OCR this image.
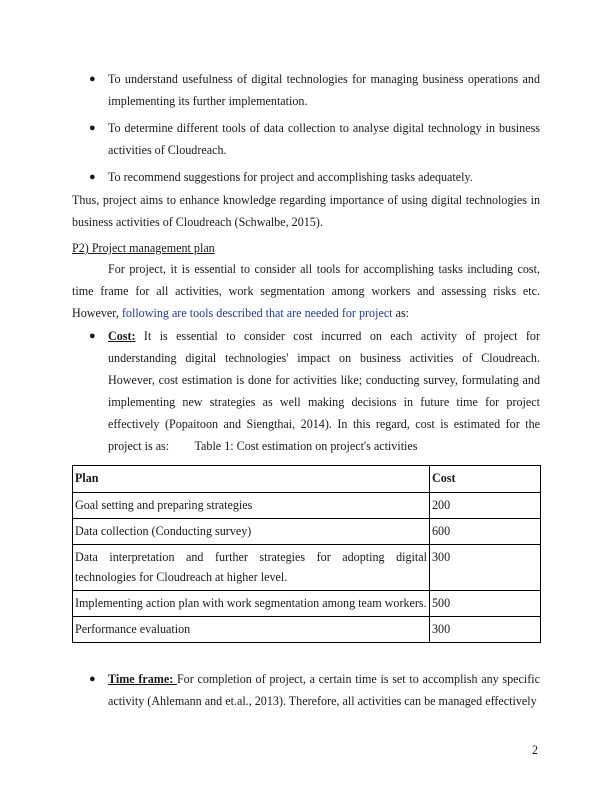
● To understand usefulness of digital technologies for managing business operations and implementing its further implementation.
● To determine different tools of data collection to analyse digital technology in business activities of Cloudreach.
● To recommend suggestions for project and accomplishing tasks adequately.

Thus, project aims to enhance knowledge regarding importance of using digital technologies in business activities of Cloudreach (Schwalbe, 2015).

P2) Project management plan

For project, it is essential to consider all tools for accomplishing tasks including cost, time frame for all activities, work segmentation among workers and assessing risks etc. However, following are tools described that are needed for project as:

● Cost: It is essential to consider cost incurred on each activity of project for understanding digital technologies' impact on business activities of Cloudreach. However, cost estimation is done for activities like; conducting survey, formulating and implementing new strategies as well making decisions in future time for project effectively (Popaitoon and Siengthai, 2014). In this regard, cost is estimated for the project is as:	Table 1: Cost estimation on project's activities
Plan	Cost
Goal setting and preparing strategies	200
Data collection (Conducting survey)	600
Data interpretation and further strategies for adopting digital technologies for Cloudreach at higher level.	300
Implementing action plan with work segmentation among team workers.	500
Performance evaluation	300
● Time frame: For completion of project, a certain time is set to accomplish any specific activity (Ahlemann and et.al., 2013). Therefore, all activities can be managed effectively
2
